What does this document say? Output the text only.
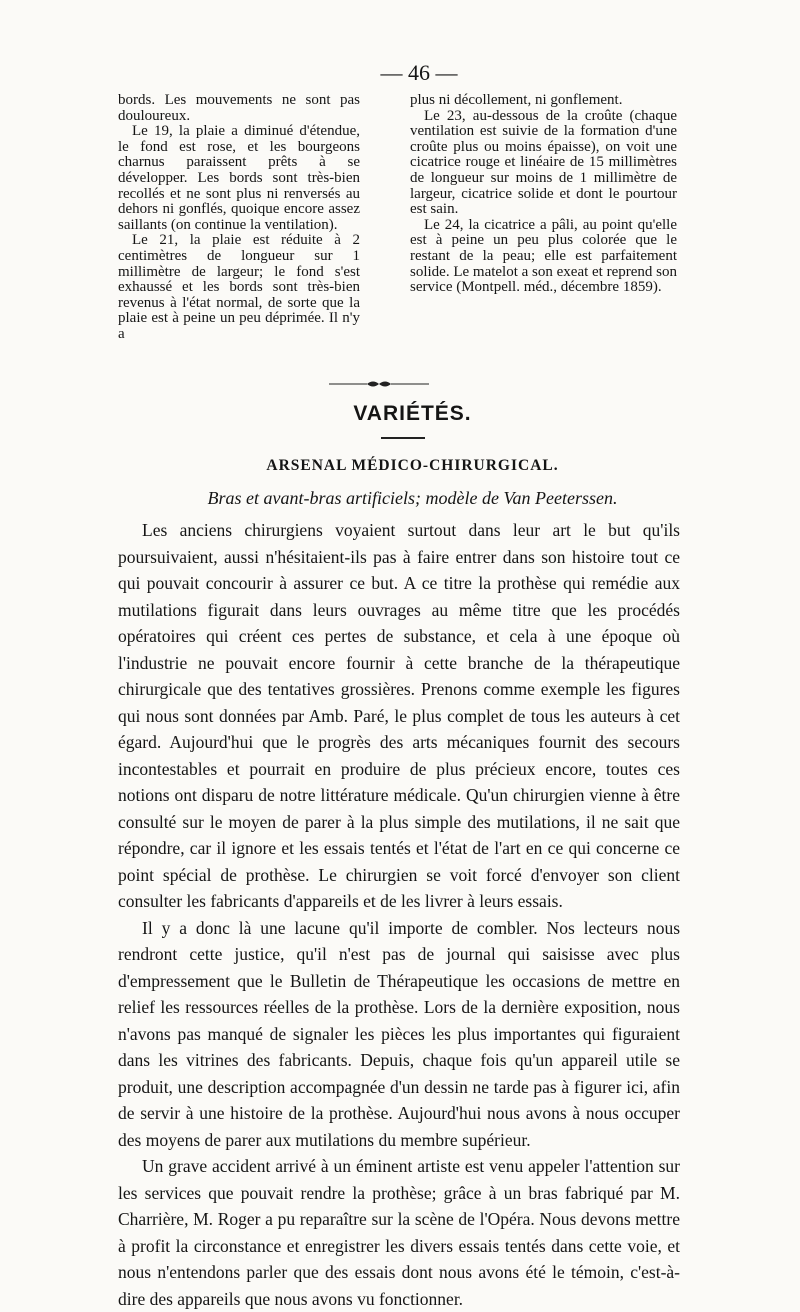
— 46 —

bords. Les mouvements ne sont pas douloureux.

Le 19, la plaie a diminué d'étendue, le fond est rose, et les bourgeons charnus paraissent prêts à se développer. Les bords sont très-bien recollés et ne sont plus ni renversés au dehors ni gonflés, quoique encore assez saillants (on continue la ventilation).

Le 21, la plaie est réduite à 2 centimètres de longueur sur 1 millimètre de largeur; le fond s'est exhaussé et les bords sont très-bien revenus à l'état normal, de sorte que la plaie est à peine un peu déprimée. Il n'y a

plus ni décollement, ni gonflement.

Le 23, au-dessous de la croûte (chaque ventilation est suivie de la formation d'une croûte plus ou moins épaisse), on voit une cicatrice rouge et linéaire de 15 millimètres de longueur sur moins de 1 millimètre de largeur, cicatrice solide et dont le pourtour est sain.

Le 24, la cicatrice a pâli, au point qu'elle est à peine un peu plus colorée que le restant de la peau; elle est parfaitement solide. Le matelot a son exeat et reprend son service (Montpell. méd., décembre 1859).

VARIÉTÉS.
ARSENAL MÉDICO-CHIRURGICAL.
Bras et avant-bras artificiels; modèle de Van Peeterssen.

Les anciens chirurgiens voyaient surtout dans leur art le but qu'ils poursuivaient, aussi n'hésitaient-ils pas à faire entrer dans son histoire tout ce qui pouvait concourir à assurer ce but. A ce titre la prothèse qui remédie aux mutilations figurait dans leurs ouvrages au même titre que les procédés opératoires qui créent ces pertes de substance, et cela à une époque où l'industrie ne pouvait encore fournir à cette branche de la thérapeutique chirurgicale que des tentatives grossières. Prenons comme exemple les figures qui nous sont données par Amb. Paré, le plus complet de tous les auteurs à cet égard. Aujourd'hui que le progrès des arts mécaniques fournit des secours incontestables et pourrait en produire de plus précieux encore, toutes ces notions ont disparu de notre littérature médicale. Qu'un chirurgien vienne à être consulté sur le moyen de parer à la plus simple des mutilations, il ne sait que répondre, car il ignore et les essais tentés et l'état de l'art en ce qui concerne ce point spécial de prothèse. Le chirurgien se voit forcé d'envoyer son client consulter les fabricants d'appareils et de les livrer à leurs essais.

Il y a donc là une lacune qu'il importe de combler. Nos lecteurs nous rendront cette justice, qu'il n'est pas de journal qui saisisse avec plus d'empressement que le Bulletin de Thérapeutique les occasions de mettre en relief les ressources réelles de la prothèse. Lors de la dernière exposition, nous n'avons pas manqué de signaler les pièces les plus importantes qui figuraient dans les vitrines des fabricants. Depuis, chaque fois qu'un appareil utile se produit, une description accompagnée d'un dessin ne tarde pas à figurer ici, afin de servir à une histoire de la prothèse. Aujourd'hui nous avons à nous occuper des moyens de parer aux mutilations du membre supérieur.

Un grave accident arrivé à un éminent artiste est venu appeler l'attention sur les services que pouvait rendre la prothèse; grâce à un bras fabriqué par M. Charrière, M. Roger a pu reparaître sur la scène de l'Opéra. Nous devons mettre à profit la circonstance et enregistrer les divers essais tentés dans cette voie, et nous n'entendons parler que des essais dont nous avons été le témoin, c'est-à-dire des appareils que nous avons vu fonctionner.
